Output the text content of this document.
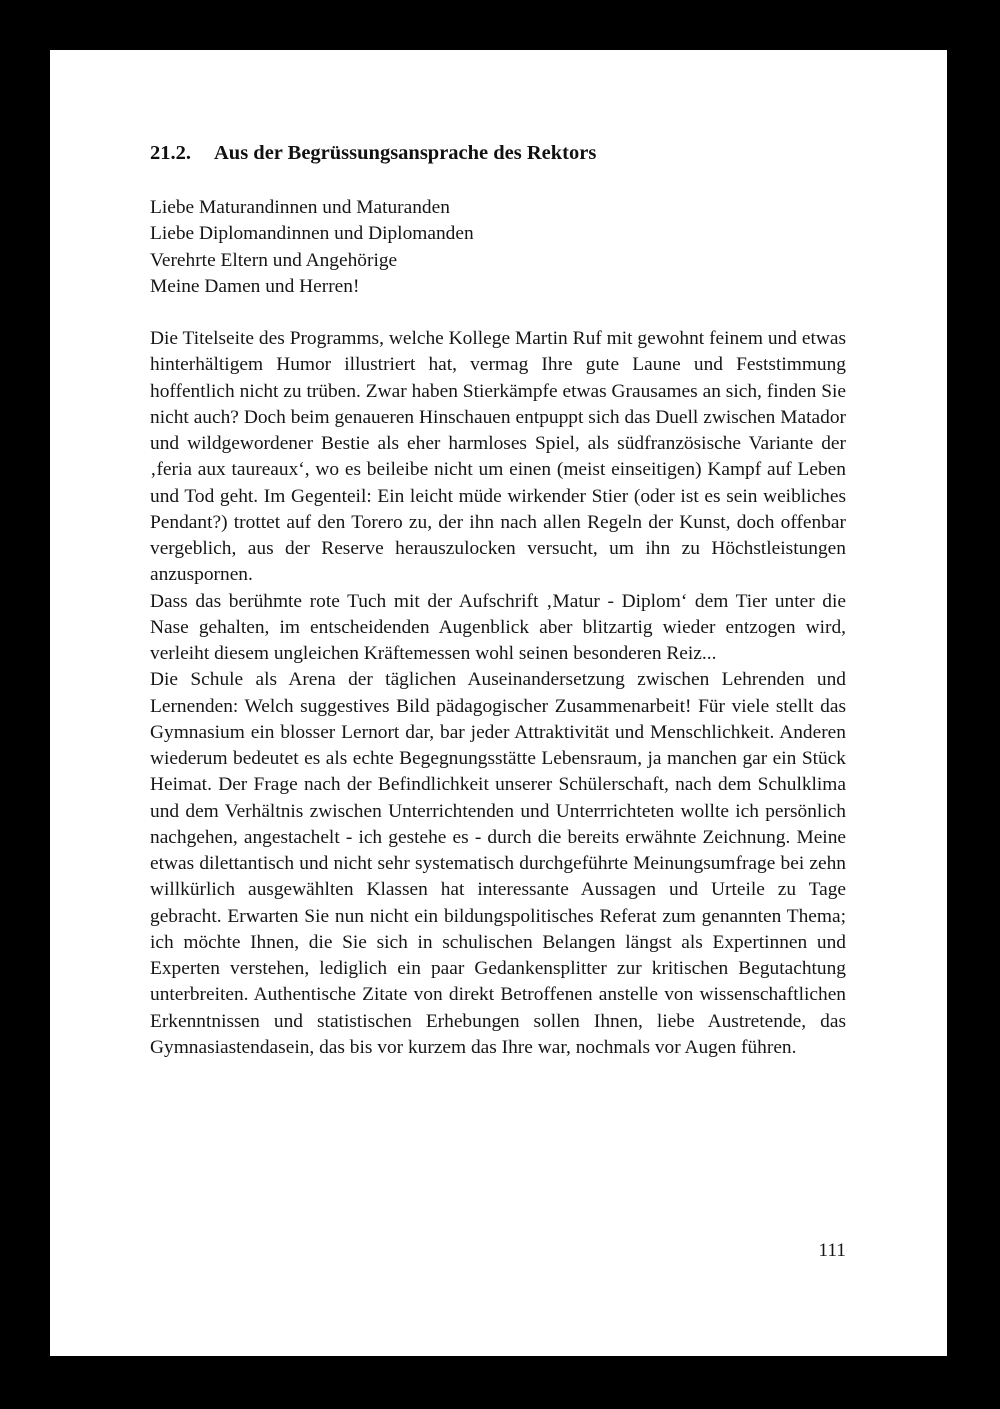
21.2. Aus der Begrüssungsansprache des Rektors
Liebe Maturandinnen und Maturanden
Liebe Diplomandinnen und Diplomanden
Verehrte Eltern und Angehörige
Meine Damen und Herren!

Die Titelseite des Programms, welche Kollege Martin Ruf mit gewohnt feinem und etwas hinterhältigem Humor illustriert hat, vermag Ihre gute Laune und Feststimmung hoffentlich nicht zu trüben. Zwar haben Stierkämpfe etwas Grausames an sich, finden Sie nicht auch? Doch beim genaueren Hinschauen entpuppt sich das Duell zwischen Matador und wildgewordener Bestie als eher harmloses Spiel, als südfranzösische Variante der ‚feria aux taureaux‘, wo es beileibe nicht um einen (meist einseitigen) Kampf auf Leben und Tod geht. Im Gegenteil: Ein leicht müde wirkender Stier (oder ist es sein weibliches Pendant?) trottet auf den Torero zu, der ihn nach allen Regeln der Kunst, doch offenbar vergeblich, aus der Reserve herauszulocken versucht, um ihn zu Höchstleistungen anzuspornen.

Dass das berühmte rote Tuch mit der Aufschrift ‚Matur - Diplom‘ dem Tier unter die Nase gehalten, im entscheidenden Augenblick aber blitzartig wieder entzogen wird, verleiht diesem ungleichen Kräftemessen wohl seinen besonderen Reiz...

Die Schule als Arena der täglichen Auseinandersetzung zwischen Lehrenden und Lernenden: Welch suggestives Bild pädagogischer Zusammenarbeit! Für viele stellt das Gymnasium ein blosser Lernort dar, bar jeder Attraktivität und Menschlichkeit. Anderen wiederum bedeutet es als echte Begegnungsstätte Lebensraum, ja manchen gar ein Stück Heimat. Der Frage nach der Befindlichkeit unserer Schülerschaft, nach dem Schulklima und dem Verhältnis zwischen Unterrichtenden und Unterrrichteten wollte ich persönlich nachgehen, angestachelt - ich gestehe es - durch die bereits erwähnte Zeichnung. Meine etwas dilettantisch und nicht sehr systematisch durchgeführte Meinungsumfrage bei zehn willkürlich ausgewählten Klassen hat interessante Aussagen und Urteile zu Tage gebracht. Erwarten Sie nun nicht ein bildungspolitisches Referat zum genannten Thema; ich möchte Ihnen, die Sie sich in schulischen Belangen längst als Expertinnen und Experten verstehen, lediglich ein paar Gedankensplitter zur kritischen Begutachtung unterbreiten. Authentische Zitate von direkt Betroffenen anstelle von wissenschaftlichen Erkenntnissen und statistischen Erhebungen sollen Ihnen, liebe Austretende, das Gymnasiastendasein, das bis vor kurzem das Ihre war, nochmals vor Augen führen.

111
